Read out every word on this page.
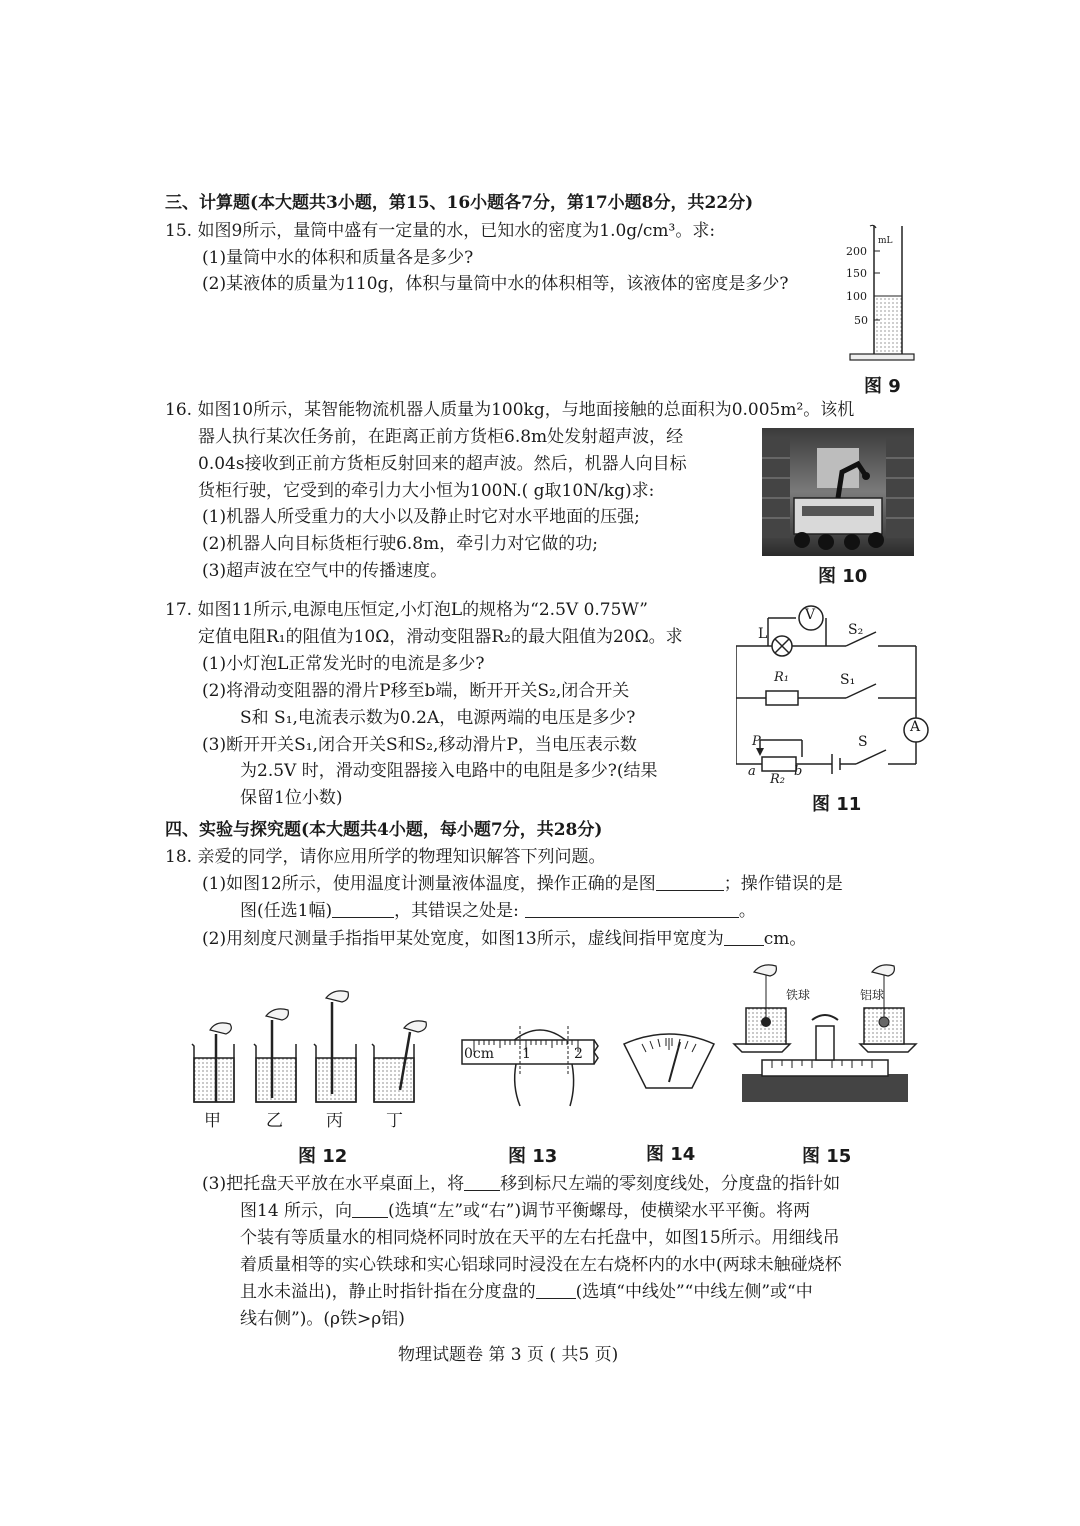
三、计算题(本大题共3小题，第15、16小题各7分，第17小题8分，共22分)
15. 如图9所示，量筒中盛有一定量的水，已知水的密度为1.0g/cm³。求:
(1)量筒中水的体积和质量各是多少?
(2)某液体的质量为110g，体积与量筒中水的体积相等，该液体的密度是多少?
mL
200
150
100
50
图 9
16. 如图10所示，某智能物流机器人质量为100kg，与地面接触的总面积为0.005m²。该机
器人执行某次任务前，在距离正前方货柜6.8m处发射超声波，经
0.04s接收到正前方货柜反射回来的超声波。然后，机器人向目标
货柜行驶，它受到的牵引力大小恒为100N.( g取10N/kg)求:
(1)机器人所受重力的大小以及静止时它对水平地面的压强;
(2)机器人向目标货柜行驶6.8m，牵引力对它做的功;
(3)超声波在空气中的传播速度。	图 10
17. 如图11所示,电源电压恒定,小灯泡L的规格为“2.5V 0.75W”
定值电阻R₁的阻值为10Ω，滑动变阻器R₂的最大阻值为20Ω。求
(1)小灯泡L正常发光时的电流是多少?
(2)将滑动变阻器的滑片P移至b端，断开开关S₂,闭合开关
S和 S₁,电流表示数为0.2A，电源两端的电压是多少?
(3)断开开关S₁,闭合开关S和S₂,移动滑片P，当电压表示数
为2.5V 时，滑动变阻器接入电路中的电阻是多少?(结果
保留1位小数)
V
A
L	S₂
R₁	S₁
S
P
a	b
R₂
图 11
四、实验与探究题(本大题共4小题，每小题7分，共28分)
18. 亲爱的同学，请你应用所学的物理知识解答下列问题。
(1)如图12所示，使用温度计测量液体温度，操作正确的是图	；操作错误的是
图(任选1幅)	，其错误之处是:	。
(2)用刻度尺测量手指指甲某处宽度，如图13所示，虚线间指甲宽度为 cm。
甲	乙	丙	丁
0cm 1	2
铁球	铝球
图 12	图 13	图 14	图 15
(3)把托盘天平放在水平桌面上，将 移到标尺左端的零刻度线处，分度盘的指针如
图14 所示，向 (选填“左”或“右”)调节平衡螺母，使横梁水平平衡。将两
个装有等质量水的相同烧杯同时放在天平的左右托盘中，如图15所示。用细线吊
着质量相等的实心铁球和实心铝球同时浸没在左右烧杯内的水中(两球未触碰烧杯
且水未溢出)，静止时指针指在分度盘的 (选填“中线处”“中线左侧”或“中
线右侧”)。(ρ铁>ρ铝)
物理试题卷 第 3 页 ( 共5 页)
